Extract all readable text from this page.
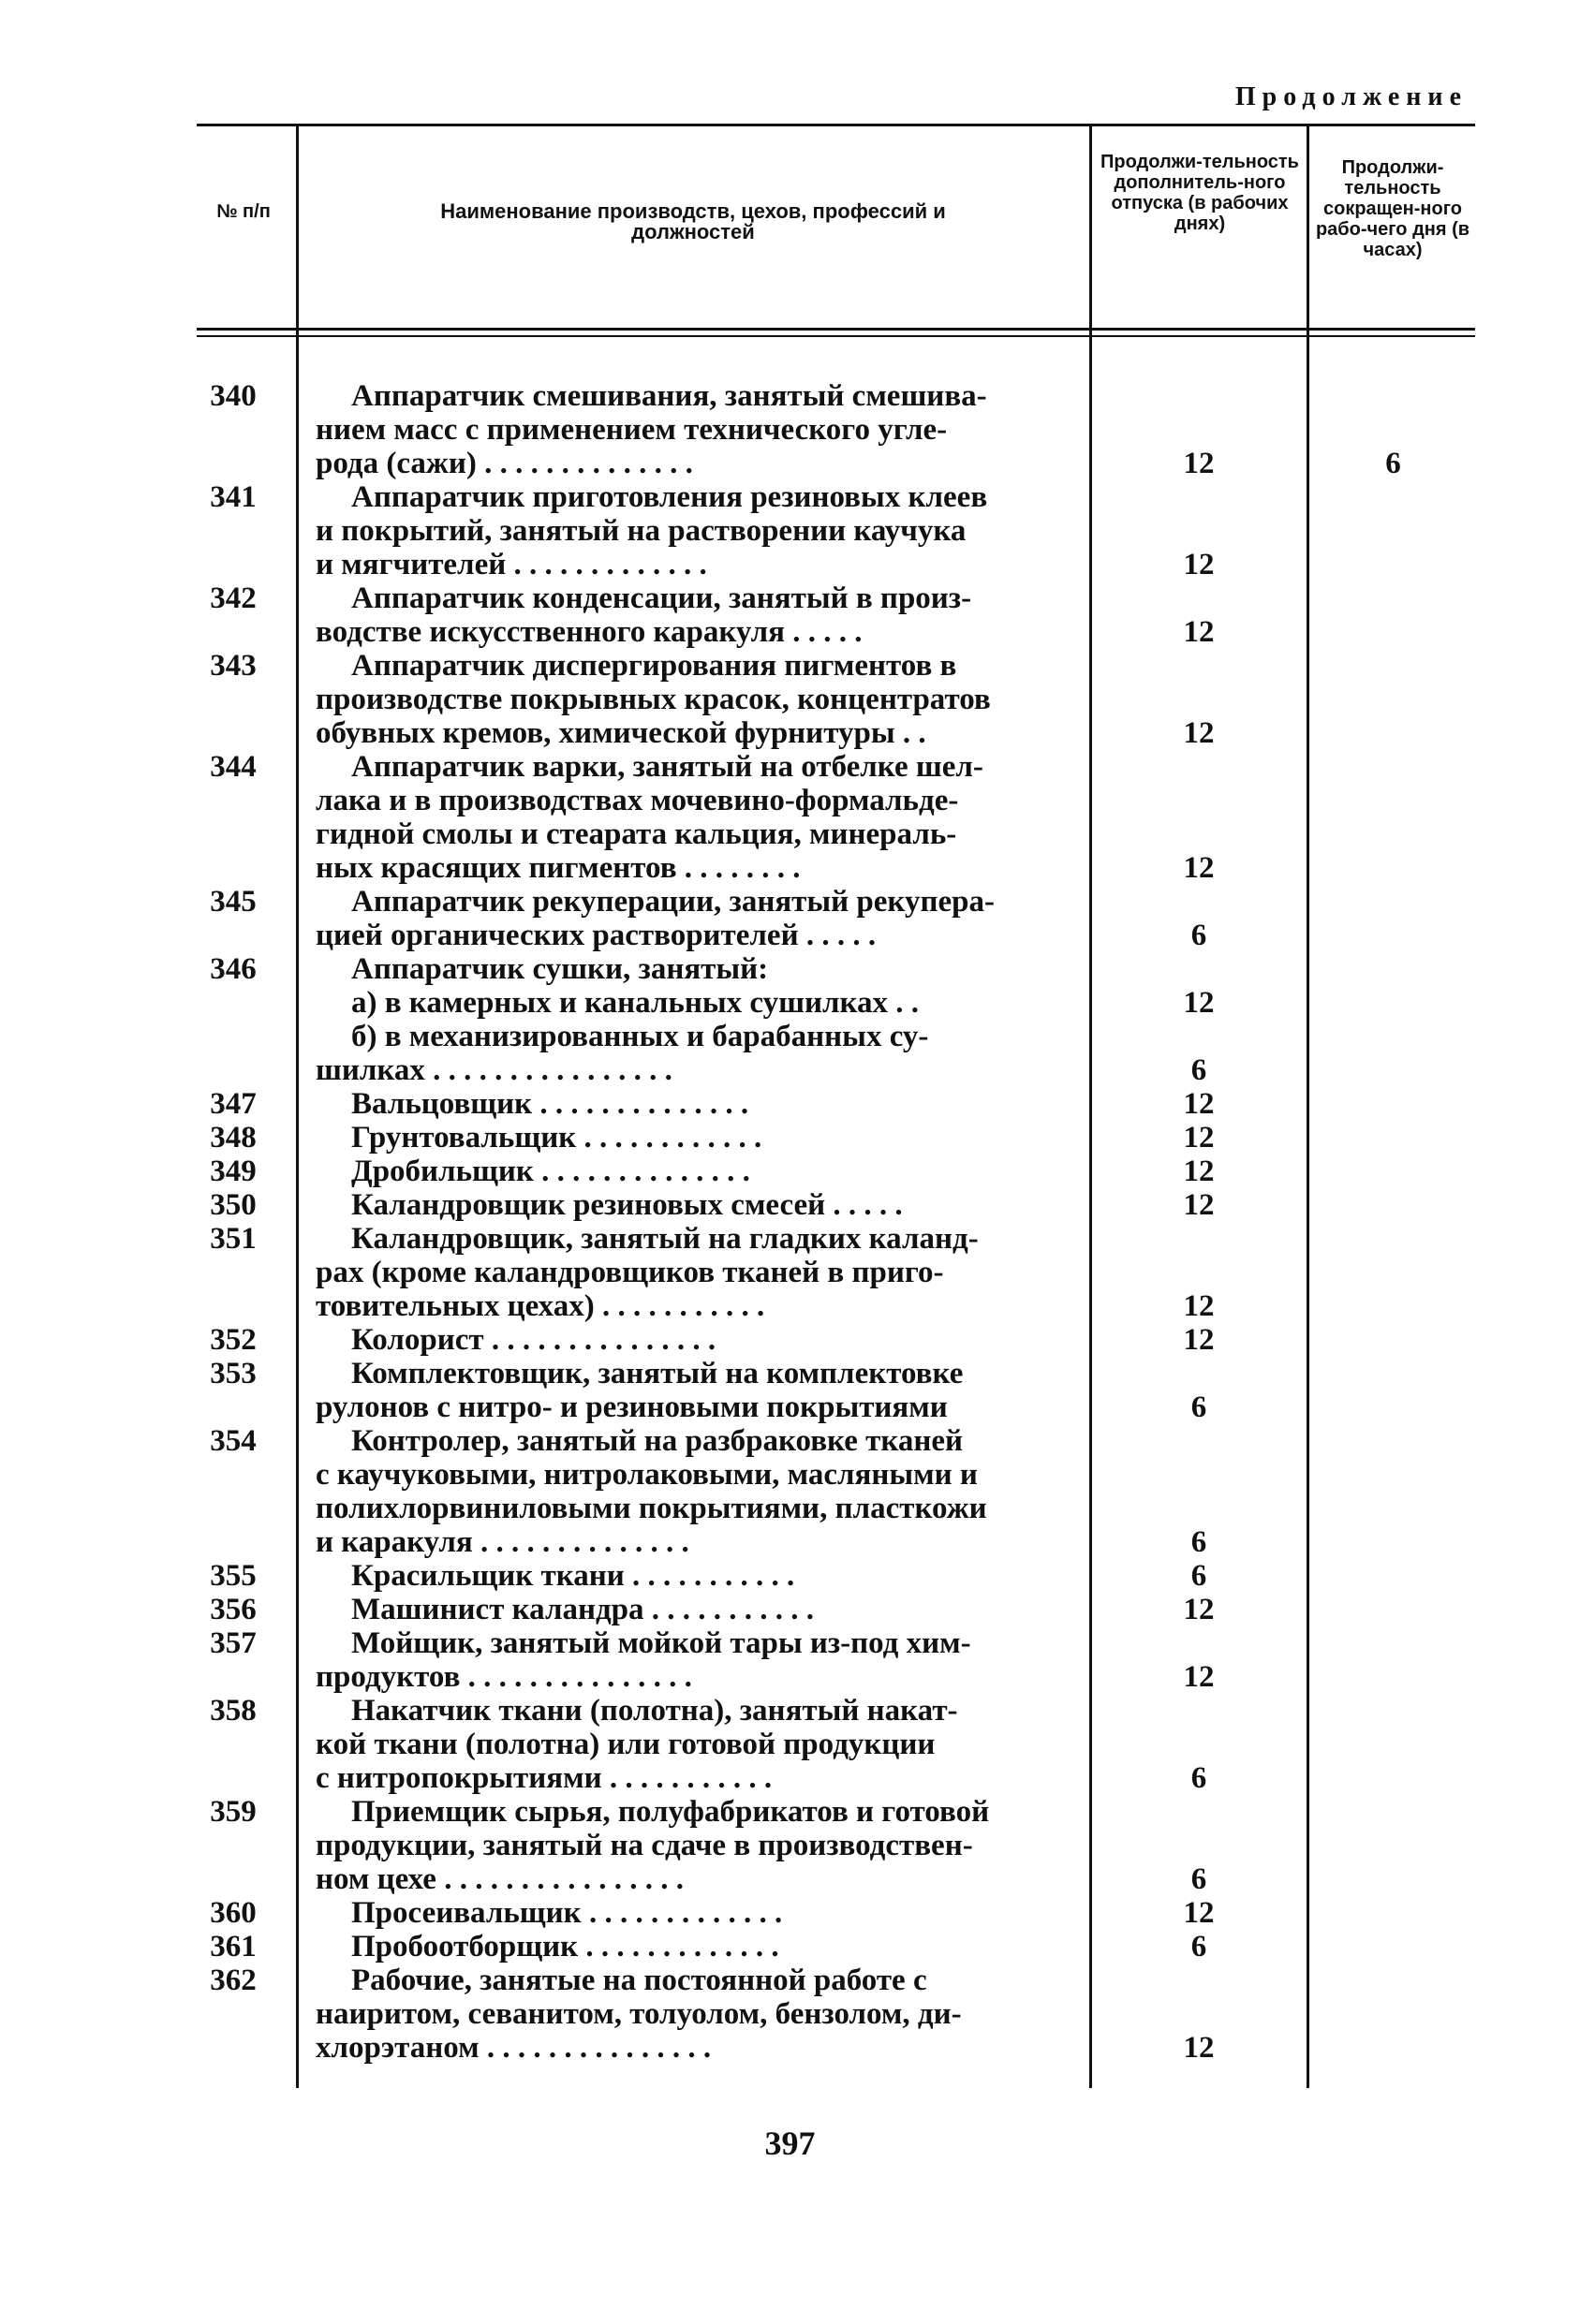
Продолжение
№ п/п	Наименование производств, цехов, профессий и должностей
Продолжи-тельность дополнитель-ного отпуска (в рабочих днях)
Продолжи-тельность сокращен-ного рабо-чего дня (в часах)
340	Аппаратчик смешивания, занятый смешива-
нием масс с применением технического угле-
рода (сажи) . . . . . . . . . . . . . .	12	6
341	Аппаратчик приготовления резиновых клеев
и покрытий, занятый на растворении каучука
и мягчителей . . . . . . . . . . . . .	12
342	Аппаратчик конденсации, занятый в произ-
водстве искусственного каракуля . . . . .	12
343	Аппаратчик диспергирования пигментов в
производстве покрывных красок, концентратов
обувных кремов, химической фурнитуры . .	12
344	Аппаратчик варки, занятый на отбелке шел-
лака и в производствах мочевино-формальде-
гидной смолы и стеарата кальция, минераль-
ных красящих пигментов . . . . . . . .	12
345	Аппаратчик рекуперации, занятый рекупера-
цией органических растворителей . . . . .	6
346	Аппаратчик сушки, занятый:
а) в камерных и канальных сушилках . .	12
б) в механизированных и барабанных су-
шилках . . . . . . . . . . . . . . . .	6
347	Вальцовщик . . . . . . . . . . . . . .	12
348	Грунтовальщик . . . . . . . . . . . .	12
349	Дробильщик . . . . . . . . . . . . . .	12
350	Каландровщик резиновых смесей . . . . .	12
351	Каландровщик, занятый на гладких каланд-
рах (кроме каландровщиков тканей в приго-
товительных цехах) . . . . . . . . . . .	12
352	Колорист . . . . . . . . . . . . . . .	12
353	Комплектовщик, занятый на комплектовке
рулонов с нитро- и резиновыми покрытиями	6
354	Контролер, занятый на разбраковке тканей
с каучуковыми, нитролаковыми, масляными и
полихлорвиниловыми покрытиями, пласткожи
и каракуля . . . . . . . . . . . . . .	6
355	Красильщик ткани . . . . . . . . . . .	6
356	Машинист каландра . . . . . . . . . . .	12
357	Мойщик, занятый мойкой тары из-под хим-
продуктов . . . . . . . . . . . . . . .	12
358	Накатчик ткани (полотна), занятый накат-
кой ткани (полотна) или готовой продукции
с нитропокрытиями . . . . . . . . . . .	6
359	Приемщик сырья, полуфабрикатов и готовой
продукции, занятый на сдаче в производствен-
ном цехе . . . . . . . . . . . . . . . .	6
360	Просеивальщик . . . . . . . . . . . . .	12
361	Пробоотборщик . . . . . . . . . . . . .	6
362	Рабочие, занятые на постоянной работе с
наиритом, севанитом, толуолом, бензолом, ди-
хлорэтаном . . . . . . . . . . . . . . .	12
397
